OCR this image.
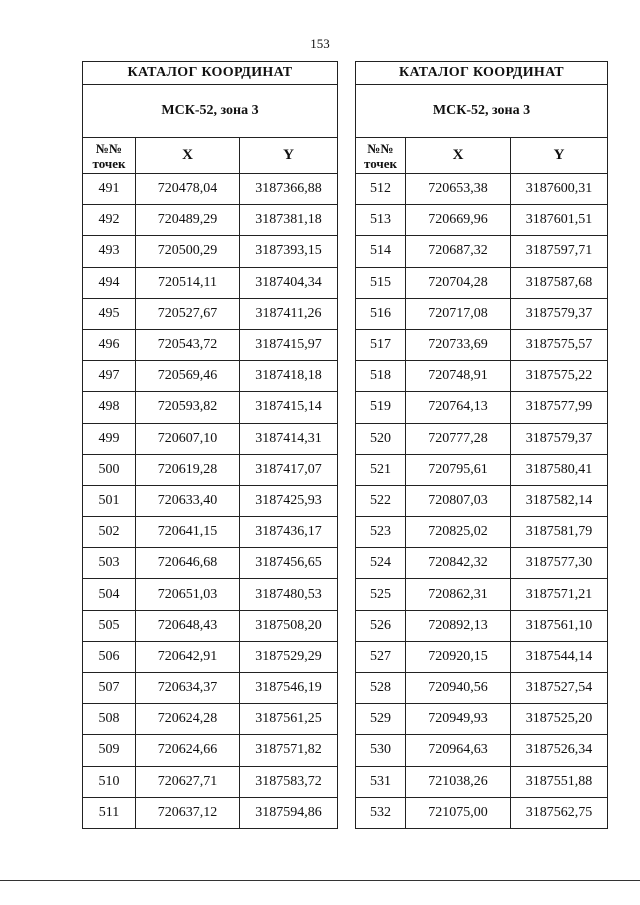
153
КАТАЛОГ КООРДИНАТ		
МСК-52, зона 3		
№№
точек	X	Y
491	720478,04	3187366,88
492	720489,29	3187381,18
493	720500,29	3187393,15
494	720514,11	3187404,34
495	720527,67	3187411,26
496	720543,72	3187415,97
497	720569,46	3187418,18
498	720593,82	3187415,14
499	720607,10	3187414,31
500	720619,28	3187417,07
501	720633,40	3187425,93
502	720641,15	3187436,17
503	720646,68	3187456,65
504	720651,03	3187480,53
505	720648,43	3187508,20
506	720642,91	3187529,29
507	720634,37	3187546,19
508	720624,28	3187561,25
509	720624,66	3187571,82
510	720627,71	3187583,72
511	720637,12	3187594,86
КАТАЛОГ КООРДИНАТ		
МСК-52, зона 3		
№№
точек	X	Y
512	720653,38	3187600,31
513	720669,96	3187601,51
514	720687,32	3187597,71
515	720704,28	3187587,68
516	720717,08	3187579,37
517	720733,69	3187575,57
518	720748,91	3187575,22
519	720764,13	3187577,99
520	720777,28	3187579,37
521	720795,61	3187580,41
522	720807,03	3187582,14
523	720825,02	3187581,79
524	720842,32	3187577,30
525	720862,31	3187571,21
526	720892,13	3187561,10
527	720920,15	3187544,14
528	720940,56	3187527,54
529	720949,93	3187525,20
530	720964,63	3187526,34
531	721038,26	3187551,88
532	721075,00	3187562,75
